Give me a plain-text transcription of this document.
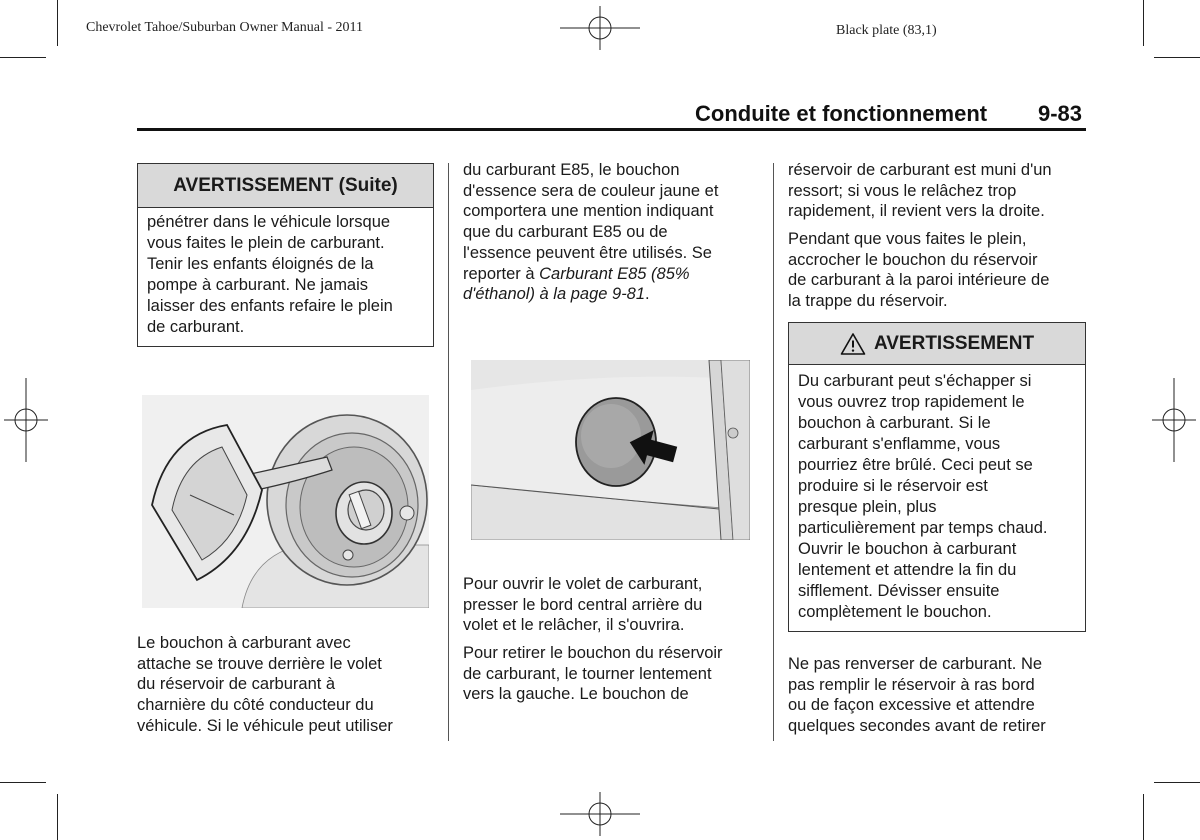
Chevrolet Tahoe/Suburban Owner Manual - 2011	Black plate (83,1)
Conduite et fonctionnement 9-83
AVERTISSEMENT (Suite)
pénétrer dans le véhicule lorsque
vous faites le plein de carburant.
Tenir les enfants éloignés de la
pompe à carburant. Ne jamais
laisser des enfants refaire le plein
de carburant.
Le bouchon à carburant avec
attache se trouve derrière le volet
du réservoir de carburant à
charnière du côté conducteur du
véhicule. Si le véhicule peut utiliser
du carburant E85, le bouchon
d'essence sera de couleur jaune et
comportera une mention indiquant
que du carburant E85 ou de
l'essence peuvent être utilisés. Se
reporter à Carburant E85 (85%
d'éthanol) à la page 9-81.
Pour ouvrir le volet de carburant,
presser le bord central arrière du
volet et le relâcher, il s'ouvrira.
Pour retirer le bouchon du réservoir
de carburant, le tourner lentement
vers la gauche. Le bouchon de
réservoir de carburant est muni d'un
ressort; si vous le relâchez trop
rapidement, il revient vers la droite.
Pendant que vous faites le plein,
accrocher le bouchon du réservoir
de carburant à la paroi intérieure de
la trappe du réservoir.
AVERTISSEMENT
Du carburant peut s'échapper si
vous ouvrez trop rapidement le
bouchon à carburant. Si le
carburant s'enflamme, vous
pourriez être brûlé. Ceci peut se
produire si le réservoir est
presque plein, plus
particulièrement par temps chaud.
Ouvrir le bouchon à carburant
lentement et attendre la fin du
sifflement. Dévisser ensuite
complètement le bouchon.
Ne pas renverser de carburant. Ne
pas remplir le réservoir à ras bord
ou de façon excessive et attendre
quelques secondes avant de retirer
